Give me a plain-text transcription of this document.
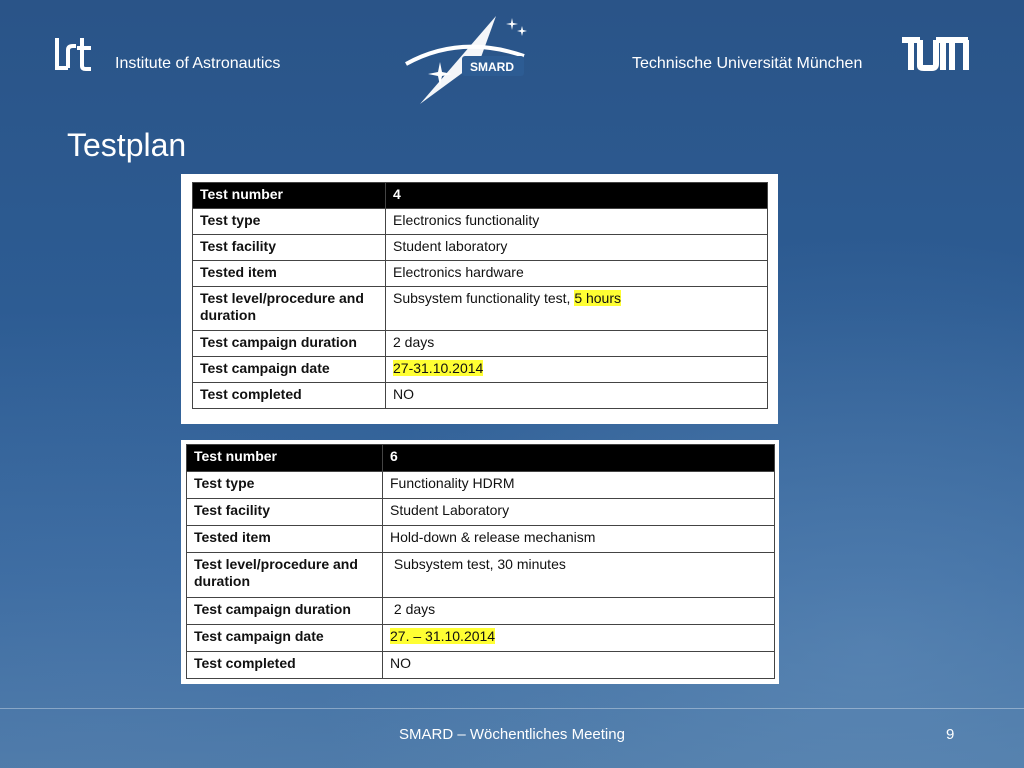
Institute of Astronautics	SMARD	Technische Universität München
Testplan
Test number	4
Test type	Electronics functionality
Test facility	Student laboratory
Tested item	Electronics hardware
Test level/procedure and duration	Subsystem functionality test, 5 hours
Test campaign duration	2 days
Test campaign date	27-31.10.2014
Test completed	NO
Test number	6
Test type	Functionality HDRM
Test facility	Student Laboratory
Tested item	Hold-down & release mechanism
Test level/procedure and duration	Subsystem test, 30 minutes
Test campaign duration	2 days
Test campaign date	27. – 31.10.2014
Test completed	NO
SMARD – Wöchentliches Meeting	9
